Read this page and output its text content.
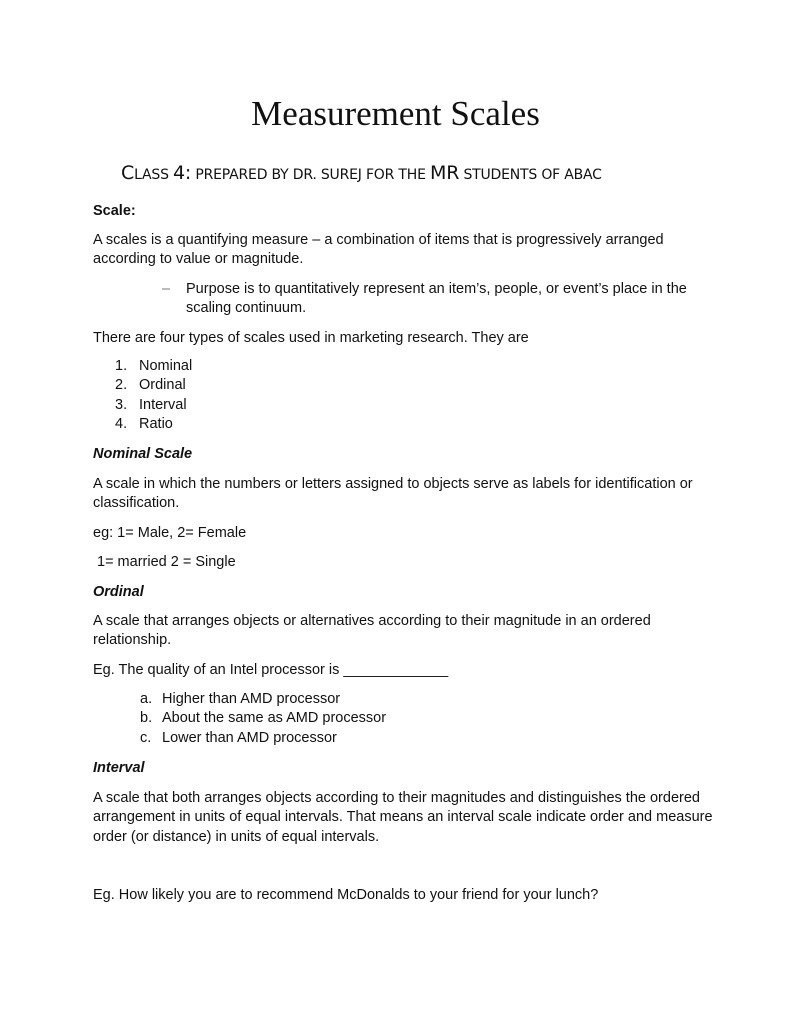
Measurement Scales
CLASS 4: PREPARED BY DR. SUREJ FOR THE MR STUDENTS OF ABAC
Scale:
A scales is a quantifying measure – a combination of items that is progressively arranged according to value or magnitude.
– Purpose is to quantitatively represent an item’s, people, or event’s place in the scaling continuum.
There are four types of scales used in marketing research. They are
1. Nominal
2. Ordinal
3. Interval
4. Ratio
Nominal Scale
A scale in which the numbers or letters assigned to objects serve as labels for identification or classification.
eg: 1= Male, 2= Female
1= married 2 = Single
Ordinal
A scale that arranges objects or alternatives according to their magnitude in an ordered relationship.
Eg. The quality of an Intel processor is _____________
a. Higher than AMD processor
b. About the same as AMD processor
c. Lower than AMD processor
Interval
A scale that both arranges objects according to their magnitudes and distinguishes the ordered arrangement in units of equal intervals. That means an interval scale indicate order and measure order (or distance) in units of equal intervals.
Eg. How likely you are to recommend McDonalds to your friend for your lunch?
